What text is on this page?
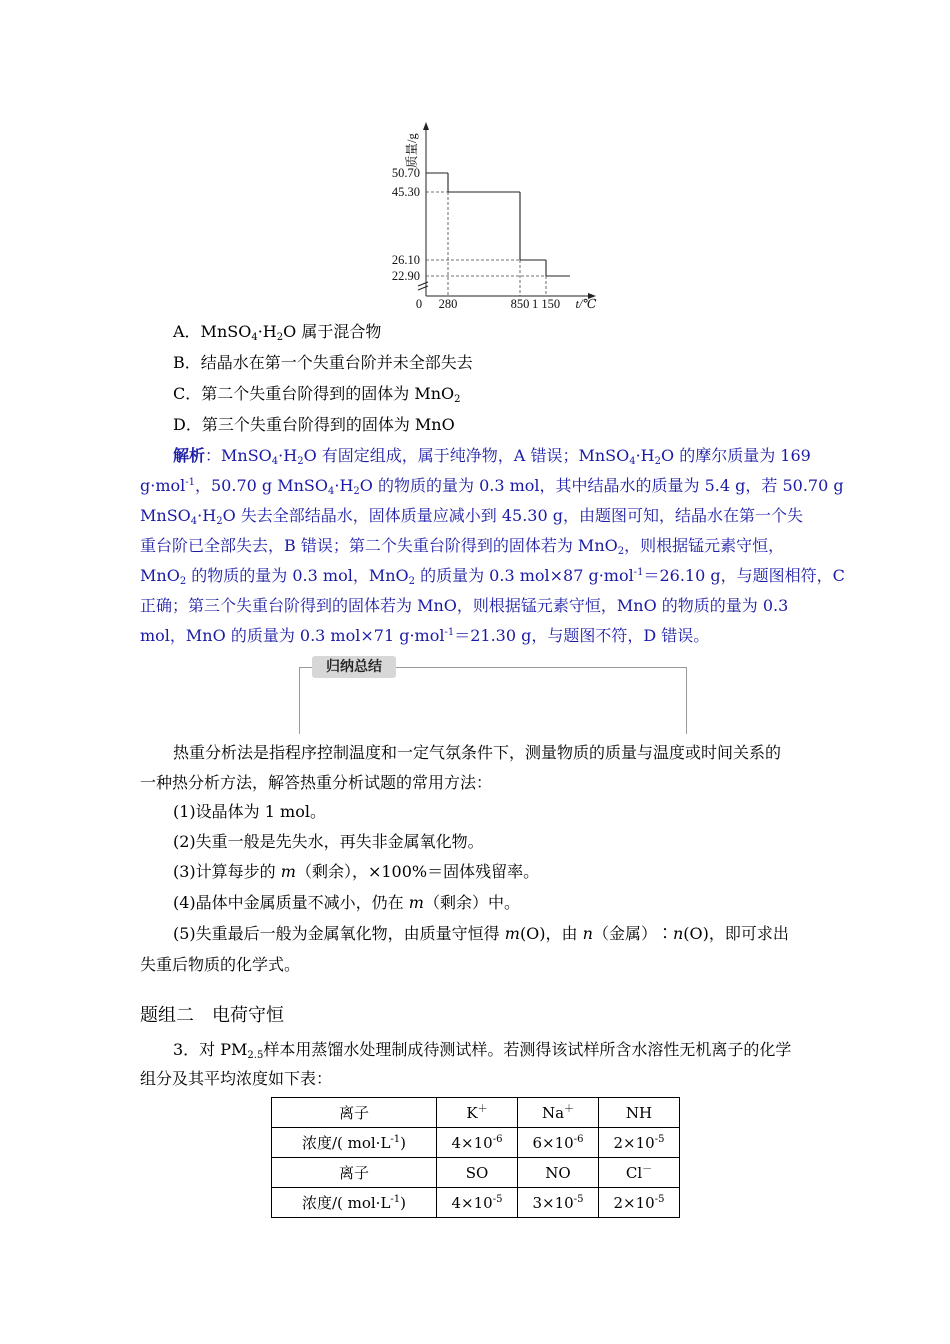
50.70
45.30
26.10
22.90
0 280	850 1 150 t/℃
质量/g
A．$MnSO_4\cdot H_2O$ 属于混合物
B．结晶水在第一个失重台阶并未全部失去
C．第二个失重台阶得到的固体为 MnO$_2$
D．第三个失重台阶得到的固体为 MnO
解析：$MnSO_4\cdot H_2O$ 有固定组成，属于纯净物，A 错误；$MnSO_4\cdot H_2O$ 的摩尔质量为 169
g·mol$^{-1}$，50.70 g $MnSO_4\cdot H_2O$ 的物质的量为 0.3 mol，其中结晶水的质量为 5.4 g，若 50.70 g
$MnSO_4\cdot H_2O$ 失去全部结晶水，固体质量应减小到 45.30 g，由题图可知，结晶水在第一个失
重台阶已全部失去，B 错误；第二个失重台阶得到的固体若为 MnO$_2$，则根据锰元素守恒，
MnO$_2$ 的物质的量为 0.3 mol，MnO$_2$ 的质量为 0.3 mol×87 g·mol$^{-1}$＝26.10 g，与题图相符，C
正确；第三个失重台阶得到的固体若为 MnO，则根据锰元素守恒，MnO 的物质的量为 0.3
mol，MnO 的质量为 0.3 mol×71 g·mol$^{-1}$＝21.30 g，与题图不符，D 错误。
归纳总结
热重分析法是指程序控制温度和一定气氛条件下，测量物质的质量与温度或时间关系的
一种热分析方法，解答热重分析试题的常用方法：
(1)设晶体为 1 mol。
(2)失重一般是先失水，再失非金属氧化物。
(3)计算每步的 m（剩余），×100%＝固体残留率。
(4)晶体中金属质量不减小，仍在 m（剩余）中。
(5)失重最后一般为金属氧化物，由质量守恒得 m(O)，由 n（金属）∶n(O)，即可求出
失重后物质的化学式。
题组二　电荷守恒
3．对 $PM_{2.5}$样本用蒸馏水处理制成待测试样。若测得该试样所含水溶性无机离子的化学
组分及其平均浓度如下表：
离子	K＋	Na＋	NH
浓度/( $mol\cdot L^{-1}$)	$4\times 10^{-6}$	$6\times 10^{-6}$	$2\times 10^{-5}$
离子	SO	NO	Cl－
浓度/( $mol\cdot L^{-1}$)	$4\times 10^{-5}$	$3\times 10^{-5}$	$2\times 10^{-5}$
